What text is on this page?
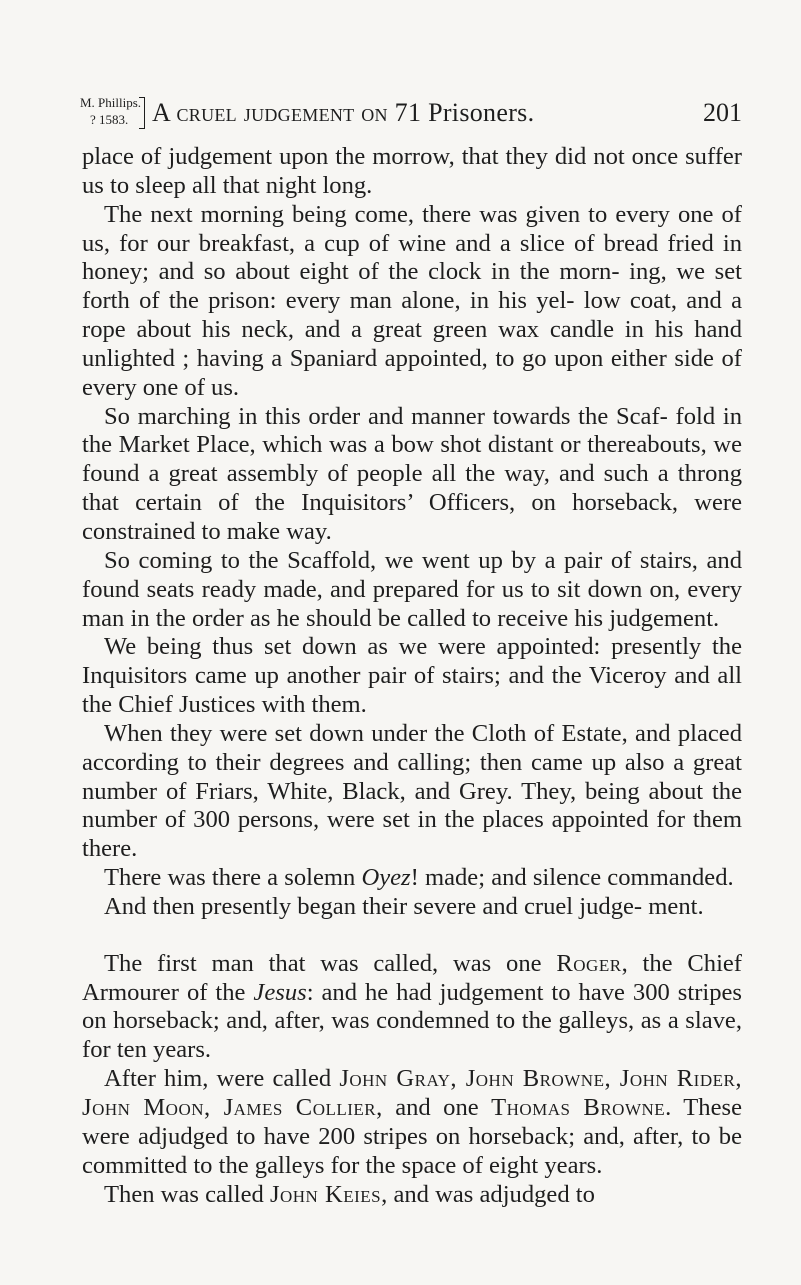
M. Phillips.
? 1583. A cruel judgement on 71 Prisoners.	201

place of judgement upon the morrow, that they did not once suffer us to sleep all that night long.

The next morning being come, there was given to every one of us, for our breakfast, a cup of wine and a slice of bread fried in honey; and so about eight of the clock in the morn- ing, we set forth of the prison: every man alone, in his yel- low coat, and a rope about his neck, and a great green wax candle in his hand unlighted ; having a Spaniard appointed, to go upon either side of every one of us.

So marching in this order and manner towards the Scaf- fold in the Market Place, which was a bow shot distant or thereabouts, we found a great assembly of people all the way, and such a throng that certain of the Inquisitors’ Officers, on horseback, were constrained to make way.

So coming to the Scaffold, we went up by a pair of stairs, and found seats ready made, and prepared for us to sit down on, every man in the order as he should be called to receive his judgement.

We being thus set down as we were appointed: presently the Inquisitors came up another pair of stairs; and the Viceroy and all the Chief Justices with them.

When they were set down under the Cloth of Estate, and placed according to their degrees and calling; then came up also a great number of Friars, White, Black, and Grey. They, being about the number of 300 persons, were set in the places appointed for them there.

There was there a solemn Oyez! made; and silence commanded.

And then presently began their severe and cruel judge- ment.

The first man that was called, was one Roger, the Chief Armourer of the Jesus: and he had judgement to have 300 stripes on horseback; and, after, was condemned to the galleys, as a slave, for ten years.

After him, were called John Gray, John Browne, John Rider, John Moon, James Collier, and one Thomas Browne. These were adjudged to have 200 stripes on horseback; and, after, to be committed to the galleys for the space of eight years.

Then was called John Keies, and was adjudged to
